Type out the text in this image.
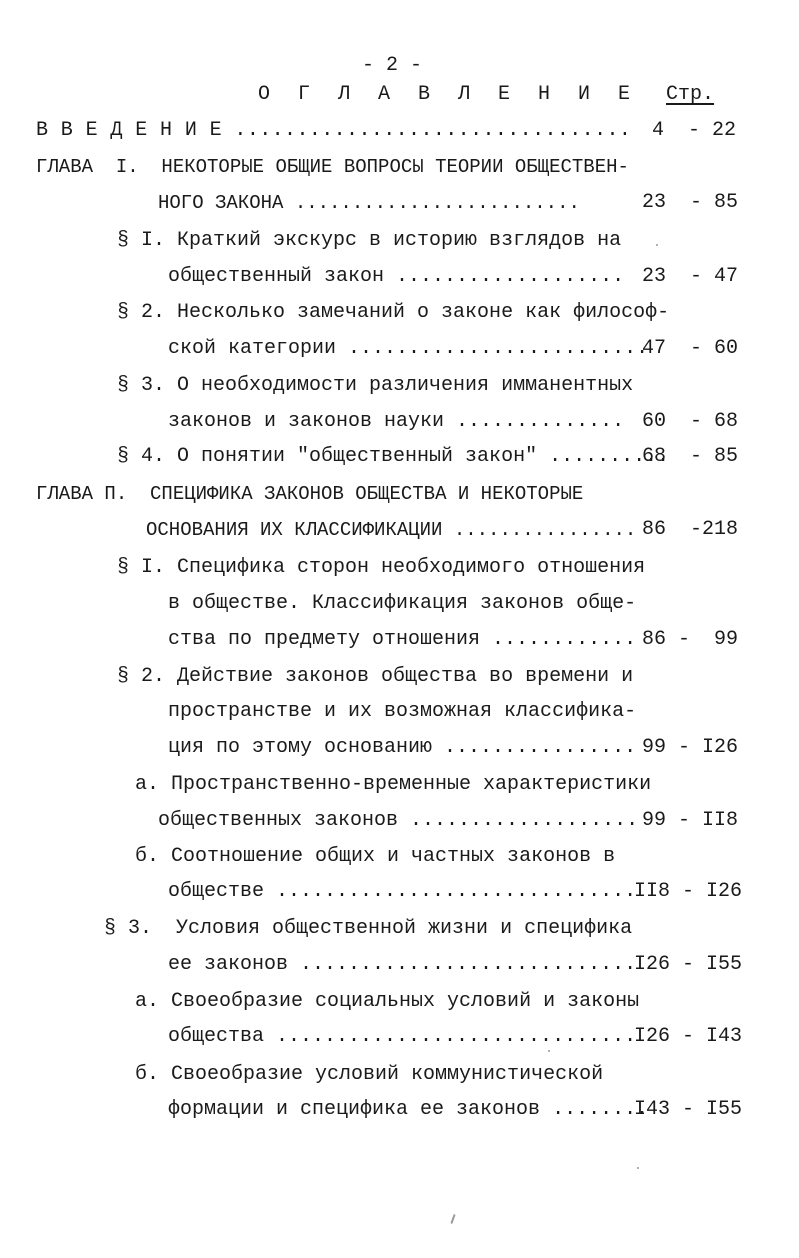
- 2 -
О Г Л А В Л Е Н И Е Стр.
В В Е Д Е Н И Е ................................ 4  - 22
ГЛАВА  I.  НЕКОТОРЫЕ ОБЩИЕ ВОПРОСЫ ТЕОРИИ ОБЩЕСТВЕН-
НОГО ЗАКОНА .........................	23  - 85
§ I. Краткий экскурс в историю взглядов на
общественный закон ................... 23  - 47
§ 2. Несколько замечаний о законе как философ-
ской категории .........................
47  - 60
§ 3. О необходимости различения имманентных
законов и законов науки .............. 60  - 68
§ 4. О понятии "общественный закон" ..........
68  - 85
ГЛАВА П.  СПЕЦИФИКА ЗАКОНОВ ОБЩЕСТВА И НЕКОТОРЫЕ
ОСНОВАНИЯ ИХ КЛАССИФИКАЦИИ ................ 86  -218
§ I. Специфика сторон необходимого отношения
в обществе. Классификация законов обще-
ства по предмету отношения ............ 86 -  99
§ 2. Действие законов общества во времени и
пространстве и их возможная классифика-
ция по этому основанию ................ 99 - I26
а. Пространственно-временные характеристики
общественных законов ................... 99 - II8
б. Соотношение общих и частных законов в
обществе ..............................
II8 - I26
§ 3.  Условия общественной жизни и специфика
ее законов ............................
I26 - I55
а. Своеобразие социальных условий и законы
общества ..............................
I26 - I43
б. Своеобразие условий коммунистической
формации и специфика ее законов ........
I43 - I55
